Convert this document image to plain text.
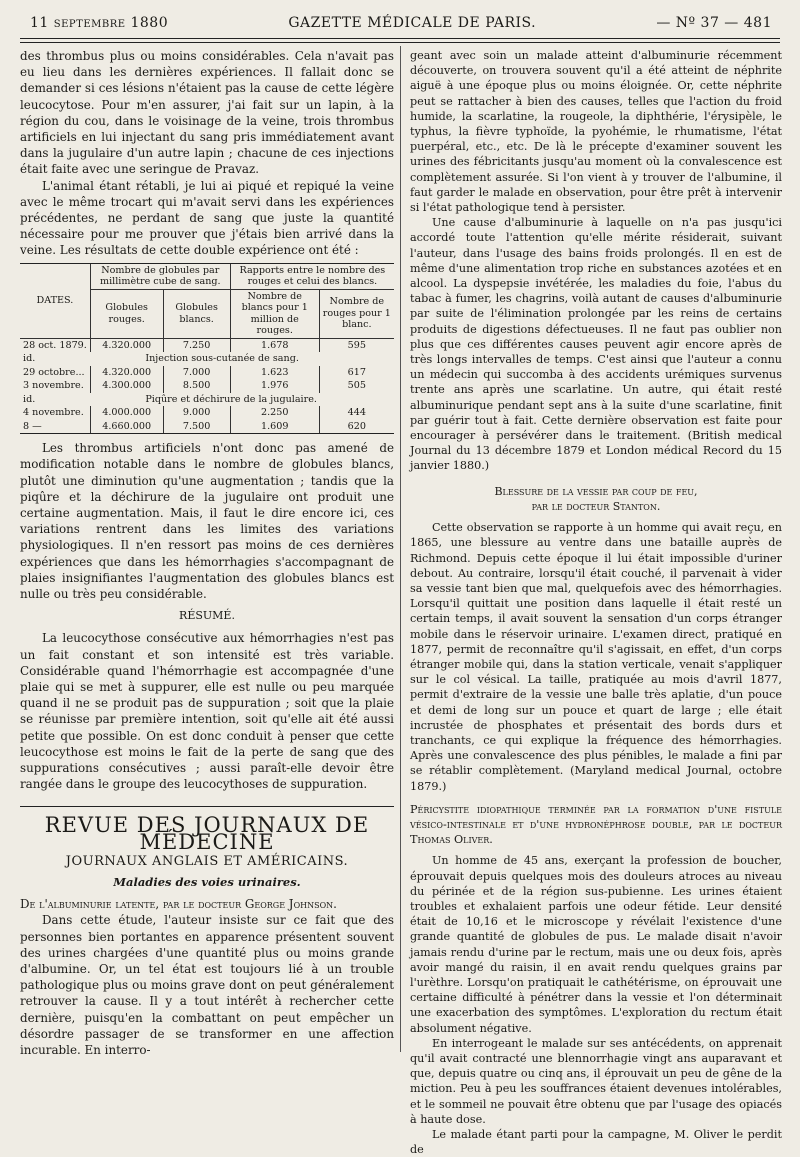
11 septembre 1880	GAZETTE MÉDICALE DE PARIS.	— Nº 37 — 481

des thrombus plus ou moins considérables. Cela n'avait pas eu lieu dans les dernières expériences. Il fallait donc se demander si ces lésions n'étaient pas la cause de cette légère leucocytose. Pour m'en assurer, j'ai fait sur un lapin, à la région du cou, dans le voisinage de la veine, trois thrombus artificiels en lui injectant du sang pris immédiatement avant dans la jugulaire d'un autre lapin ; chacune de ces injections était faite avec une seringue de Pravaz.

L'animal étant rétabli, je lui ai piqué et repiqué la veine avec le même trocart qui m'avait servi dans les expériences précédentes, ne perdant de sang que juste la quantité nécessaire pour me prouver que j'étais bien arrivé dans la veine. Les résultats de cette double expérience ont été :

DATES.	Nombre de globules par millimètre cube de sang.		Rapports entre le nombre des rouges et celui des blancs.	
	Globules rouges.	Globules blancs.	Nombre de blancs pour 1 million de rouges.	Nombre de rouges pour 1 blanc.
28 oct. 1879.	4.320.000	7.250	1.678	595
id.	Injection sous-cutanée de sang.			
29 octobre...	4.320.000	7.000	1.623	617
3 novembre.	4.300.000	8.500	1.976	505
id.	Piqûre et déchirure de la jugulaire.			
4 novembre.	4.000.000	9.000	2.250	444
8 —	4.660.000	7.500	1.609	620

Les thrombus artificiels n'ont donc pas amené de modification notable dans le nombre de globules blancs, plutôt une diminution qu'une augmentation ; tandis que la piqûre et la déchirure de la jugulaire ont produit une certaine augmentation. Mais, il faut le dire encore ici, ces variations rentrent dans les limites des variations physiologiques. Il n'en ressort pas moins de ces dernières expériences que dans les hémorrhagies s'accompagnant de plaies insignifiantes l'augmentation des globules blancs est nulle ou très peu considérable.

RÉSUMÉ.

La leucocythose consécutive aux hémorrhagies n'est pas un fait constant et son intensité est très variable. Considérable quand l'hémorrhagie est accompagnée d'une plaie qui se met à suppurer, elle est nulle ou peu marquée quand il ne se produit pas de suppuration ; soit que la plaie se réunisse par première intention, soit qu'elle ait été aussi petite que possible. On est donc conduit à penser que cette leucocythose est moins le fait de la perte de sang que des suppurations consécutives ; aussi paraît-elle devoir être rangée dans le groupe des leucocythoses de suppuration.

REVUE DES JOURNAUX DE MÉDECINE
JOURNAUX ANGLAIS ET AMÉRICAINS.
Maladies des voies urinaires.

De l'albuminurie latente, par le docteur George Johnson.

Dans cette étude, l'auteur insiste sur ce fait que des personnes bien portantes en apparence présentent souvent des urines chargées d'une quantité plus ou moins grande d'albumine. Or, un tel état est toujours lié à un trouble pathologique plus ou moins grave dont on peut généralement retrouver la cause. Il y a tout intérêt à rechercher cette dernière, puisqu'en la combattant on peut empêcher un désordre passager de se transformer en une affection incurable. En interro-

geant avec soin un malade atteint d'albuminurie récemment découverte, on trouvera souvent qu'il a été atteint de néphrite aiguë à une époque plus ou moins éloignée. Or, cette néphrite peut se rattacher à bien des causes, telles que l'action du froid humide, la scarlatine, la rougeole, la diphthérie, l'érysipèle, le typhus, la fièvre typhoïde, la pyohémie, le rhumatisme, l'état puerpéral, etc., etc. De là le précepte d'examiner souvent les urines des fébricitants jusqu'au moment où la convalescence est complètement assurée. Si l'on vient à y trouver de l'albumine, il faut garder le malade en observation, pour être prêt à intervenir si l'état pathologique tend à persister.

Une cause d'albuminurie à laquelle on n'a pas jusqu'ici accordé toute l'attention qu'elle mérite résiderait, suivant l'auteur, dans l'usage des bains froids prolongés. Il en est de même d'une alimentation trop riche en substances azotées et en alcool. La dyspepsie invétérée, les maladies du foie, l'abus du tabac à fumer, les chagrins, voilà autant de causes d'albuminurie par suite de l'élimination prolongée par les reins de certains produits de digestions défectueuses. Il ne faut pas oublier non plus que ces différentes causes peuvent agir encore après de très longs intervalles de temps. C'est ainsi que l'auteur a connu un médecin qui succomba à des accidents urémiques survenus trente ans après une scarlatine. Un autre, qui était resté albuminurique pendant sept ans à la suite d'une scarlatine, finit par guérir tout à fait. Cette dernière observation est faite pour encourager à persévérer dans le traitement. (British medical Journal du 13 décembre 1879 et London médical Record du 15 janvier 1880.)

Blessure de la vessie par coup de feu,
par le docteur Stanton.

Cette observation se rapporte à un homme qui avait reçu, en 1865, une blessure au ventre dans une bataille auprès de Richmond. Depuis cette époque il lui était impossible d'uriner debout. Au contraire, lorsqu'il était couché, il parvenait à vider sa vessie tant bien que mal, quelquefois avec des hémorrhagies. Lorsqu'il quittait une position dans laquelle il était resté un certain temps, il avait souvent la sensation d'un corps étranger mobile dans le réservoir urinaire. L'examen direct, pratiqué en 1877, permit de reconnaître qu'il s'agissait, en effet, d'un corps étranger mobile qui, dans la station verticale, venait s'appliquer sur le col vésical. La taille, pratiquée au mois d'avril 1877, permit d'extraire de la vessie une balle très aplatie, d'un pouce et demi de long sur un pouce et quart de large ; elle était incrustée de phosphates et présentait des bords durs et tranchants, ce qui explique la fréquence des hémorrhagies. Après une convalescence des plus pénibles, le malade a fini par se rétablir complètement. (Maryland medical Journal, octobre 1879.)

Péricystite idiopathique terminée par la formation d'une fistule vésico-intestinale et d'une hydronéphrose double, par le docteur Thomas Oliver.

Un homme de 45 ans, exerçant la profession de boucher, éprouvait depuis quelques mois des douleurs atroces au niveau du périnée et de la région sus-pubienne. Les urines étaient troubles et exhalaient parfois une odeur fétide. Leur densité était de 10,16 et le microscope y révélait l'existence d'une grande quantité de globules de pus. Le malade disait n'avoir jamais rendu d'urine par le rectum, mais une ou deux fois, après avoir mangé du raisin, il en avait rendu quelques grains par l'urèthre. Lorsqu'on pratiquait le cathétérisme, on éprouvait une certaine difficulté à pénétrer dans la vessie et l'on déterminait une exacerbation des symptômes. L'exploration du rectum était absolument négative.

En interrogeant le malade sur ses antécédents, on apprenait qu'il avait contracté une blennorrhagie vingt ans auparavant et que, depuis quatre ou cinq ans, il éprouvait un peu de gêne de la miction. Peu à peu les souffrances étaient devenues intolérables, et le sommeil ne pouvait être obtenu que par l'usage des opiacés à haute dose.

Le malade étant parti pour la campagne, M. Oliver le perdit de
